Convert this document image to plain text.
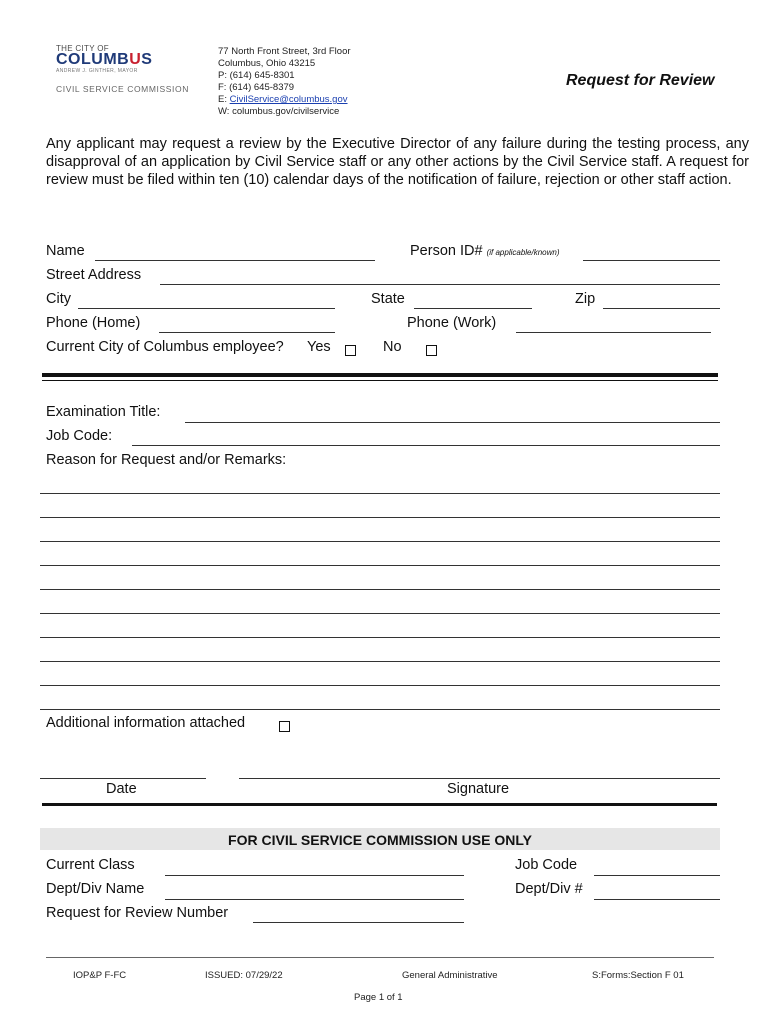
THE CITY OF
COLUMBUS
ANDREW J. GINTHER, MAYOR
CIVIL SERVICE COMMISSION
77 North Front Street, 3rd Floor
Columbus, Ohio 43215
P: (614) 645-8301
F: (614) 645-8379
E: CivilService@columbus.gov
W: columbus.gov/civilservice
Request for Review
Any applicant may request a review by the Executive Director of any failure during the testing process, any disapproval of an application by Civil Service staff or any other actions by the Civil Service staff. A request for review must be filed within ten (10) calendar days of the notification of failure, rejection or other staff action.
Name	Person ID# (if applicable/known)
Street Address
City	State	Zip
Phone (Home)	Phone (Work)
Current City of Columbus employee? Yes	No
Examination Title:
Job Code:
Reason for Request and/or Remarks:
Additional information attached
Date	Signature
FOR CIVIL SERVICE COMMISSION USE ONLY
Current Class	Job Code
Dept/Div Name	Dept/Div #
Request for Review Number
IOP&P F-FC	ISSUED: 07/29/22	General Administrative	S:Forms:Section F 01
Page 1 of 1
